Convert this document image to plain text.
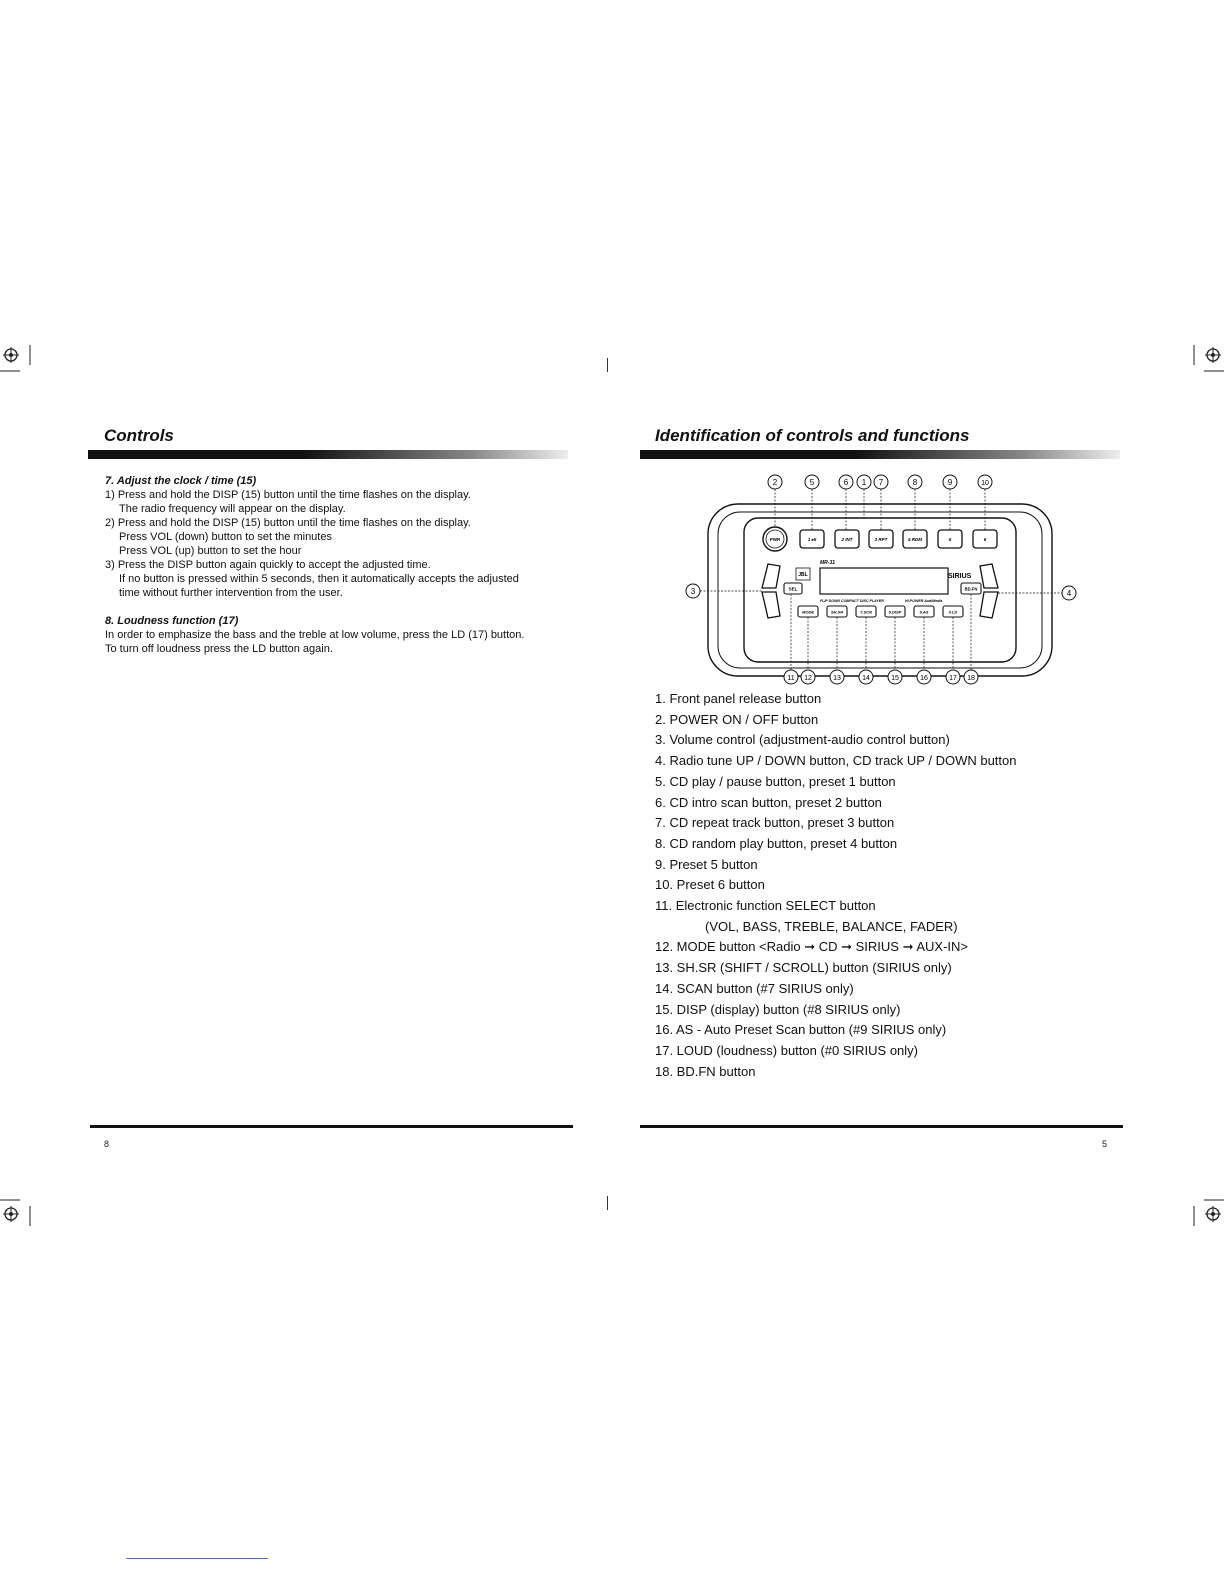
Controls
7. Adjust the clock / time (15)
1) Press and hold the DISP (15) button until the time flashes on the display.
The radio frequency will appear on the display.
2) Press and hold the DISP (15) button until the time flashes on the display.
Press VOL (down) button to set the minutes
Press VOL (up) button to set the hour
3) Press the DISP button again quickly to accept the adjusted time.
If no button is pressed within 5 seconds, then it automatically accepts the adjusted
time without further intervention from the user.
8. Loudness function (17)
In order to emphasize the bass and the treble at low volume, press the LD (17) button.
To turn off loudness press the LD button again.
8
Identification of controls and functions
PWR	1 ▸II	2 INT	3 RPT	4 RDM	5	6
MR-31
JBL	SIRIUS
SEL	BD.FN
FLIP DOWN COMPACT DISC PLAYER	HI-POWER AudiMedia
MODE	SH.SR	7.SCN	8.DISP	9.AS	0.LD
2	5	6 1 7	8	9	10
3	4
11 12	13	14	15	16	17 18
1. Front panel release button
2. POWER ON / OFF button
3. Volume control (adjustment-audio control button)
4. Radio tune UP / DOWN button, CD track UP / DOWN button
5. CD play / pause button, preset 1 button
6. CD intro scan button, preset 2 button
7. CD repeat track button, preset 3 button
8. CD random play button, preset 4 button
9. Preset 5 button
10. Preset 6 button
11. Electronic function SELECT button
(VOL, BASS, TREBLE, BALANCE, FADER)
12. MODE button <Radio ➞ CD ➞ SIRIUS ➞ AUX-IN>
13. SH.SR (SHIFT / SCROLL) button (SIRIUS only)
14. SCAN button (#7 SIRIUS only)
15. DISP (display) button (#8 SIRIUS only)
16. AS - Auto Preset Scan button (#9 SIRIUS only)
17. LOUD (loudness) button (#0 SIRIUS only)
18. BD.FN button
5
